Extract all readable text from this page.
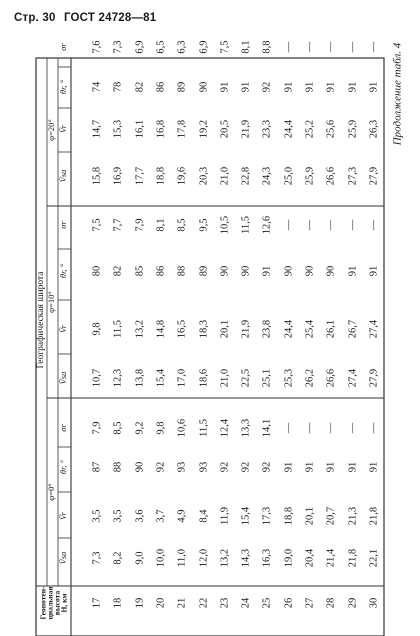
Стр. 30 ГОСТ 24728—81
Продолжение табл. 4
Географическая широта
φ=0°
φ=10°
φ=20°
Геопотен-
циальная
высота
H, км
V̄sa
V̄r
θr, °
σr
V̄sa
V̄r
θr, °
σr
V̄sa
V̄r
θr, °
σr
17
7,3
3,5
87
7,9
10,7
9,8
80
7,5
15,8
14,7
74
7,6
18
8,2
3,5
88
8,5
12,3
11,5
82
7,7
16,9
15,3
78
7,3
19
9,0
3,6
90
9,2
13,8
13,2
85
7,9
17,7
16,1
82
6,9
20
10,0
3,7
92
9,8
15,4
14,8
86
8,1
18,8
16,8
86
6,5
21
11,0
4,9
93
10,6
17,0
16,5
88
8,5
19,6
17,8
89
6,3
22
12,0
8,4
93
11,5
18,6
18,3
89
9,5
20,3
19,2
90
6,9
23
13,2
11,9
92
12,4
21,0
20,1
90
10,5
21,0
20,5
91
7,5
24
14,3
15,4
92
13,3
22,5
21,9
90
11,5
22,8
21,9
91
8,1
25
16,3
17,3
92
14,1
25,1
23,8
91
12,6
24,3
23,3
92
8,8
26
19,0
18,8
91
—
25,3
24,4
90
—
25,0
24,4
91
—
27
20,4
20,1
91
—
26,2
25,4
90
—
25,9
25,2
91
—
28
21,4
20,7
91
—
26,6
26,1
90
—
26,6
25,6
91
—
29
21,8
21,3
91
—
27,4
26,7
91
—
27,3
25,9
91
—
30
22,1
21,8
91
—
27,9
27,4
91
—
27,9
26,3
91
—
